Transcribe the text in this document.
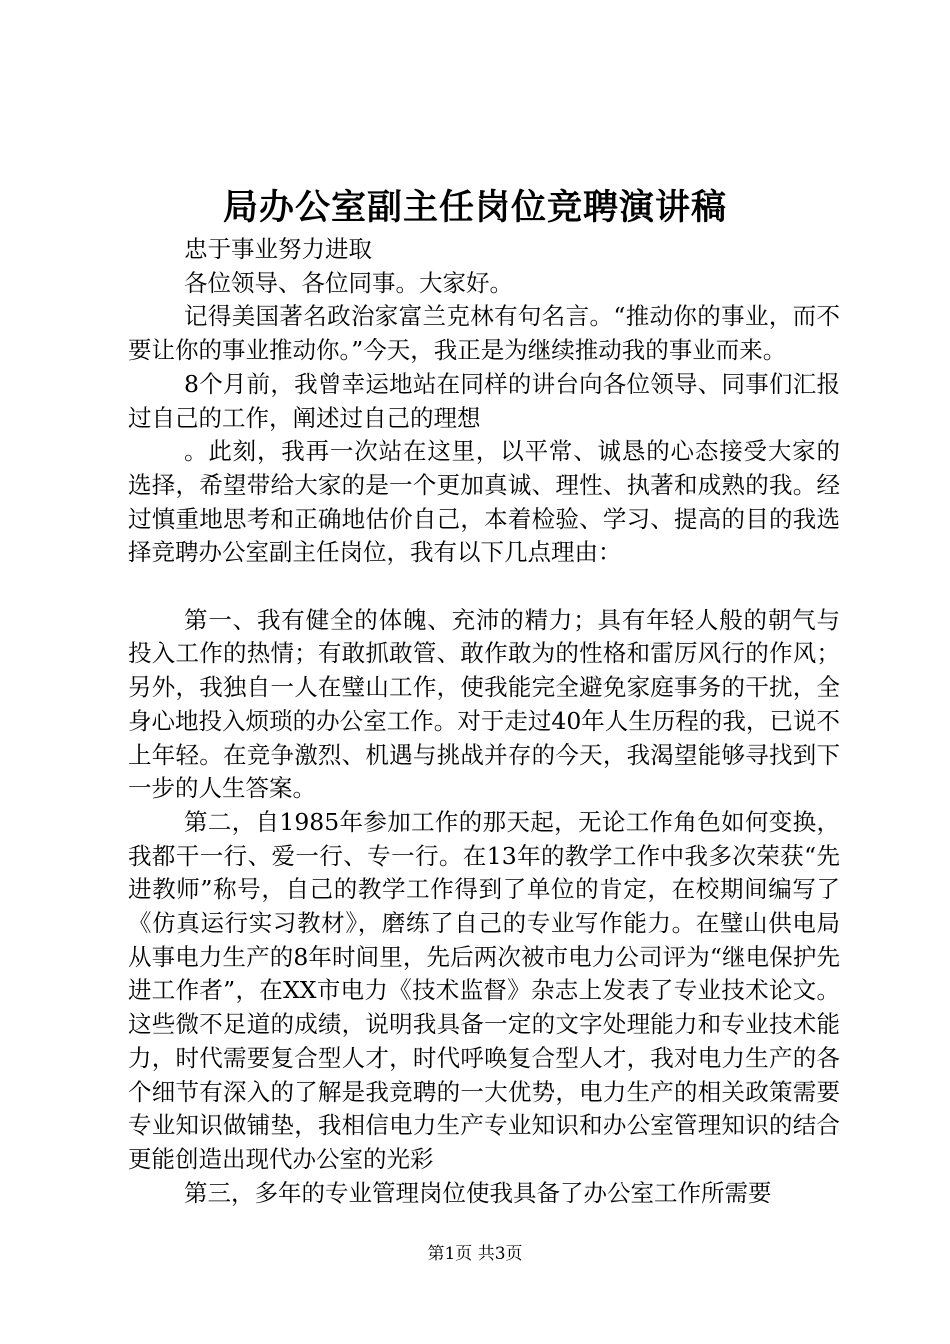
局办公室副主任岗位竞聘演讲稿

忠于事业努力进取

各位领导、各位同事。大家好。

记得美国著名政治家富兰克林有句名言。“推动你的事业，而不要让你的事业推动你。”今天，我正是为继续推动我的事业而来。

8个月前，我曾幸运地站在同样的讲台向各位领导、同事们汇报过自己的工作，阐述过自己的理想

。此刻，我再一次站在这里，以平常、诚恳的心态接受大家的选择，希望带给大家的是一个更加真诚、理性、执著和成熟的我。经过慎重地思考和正确地估价自己，本着检验、学习、提高的目的我选择竞聘办公室副主任岗位，我有以下几点理由：

第一、我有健全的体魄、充沛的精力；具有年轻人般的朝气与投入工作的热情；有敢抓敢管、敢作敢为的性格和雷厉风行的作风；另外，我独自一人在璧山工作，使我能完全避免家庭事务的干扰，全身心地投入烦琐的办公室工作。对于走过40年人生历程的我，已说不上年轻。在竞争激烈、机遇与挑战并存的今天，我渴望能够寻找到下一步的人生答案。

第二，自1985年参加工作的那天起，无论工作角色如何变换，我都干一行、爱一行、专一行。在13年的教学工作中我多次荣获“先进教师”称号，自己的教学工作得到了单位的肯定，在校期间编写了《仿真运行实习教材》，磨练了自己的专业写作能力。在璧山供电局从事电力生产的8年时间里，先后两次被市电力公司评为“继电保护先进工作者”，在XX市电力《技术监督》杂志上发表了专业技术论文。这些微不足道的成绩，说明我具备一定的文字处理能力和专业技术能力，时代需要复合型人才，时代呼唤复合型人才，我对电力生产的各个细节有深入的了解是我竞聘的一大优势，电力生产的相关政策需要专业知识做铺垫，我相信电力生产专业知识和办公室管理知识的结合更能创造出现代办公室的光彩

第三，多年的专业管理岗位使我具备了办公室工作所需要

第1页 共3页
